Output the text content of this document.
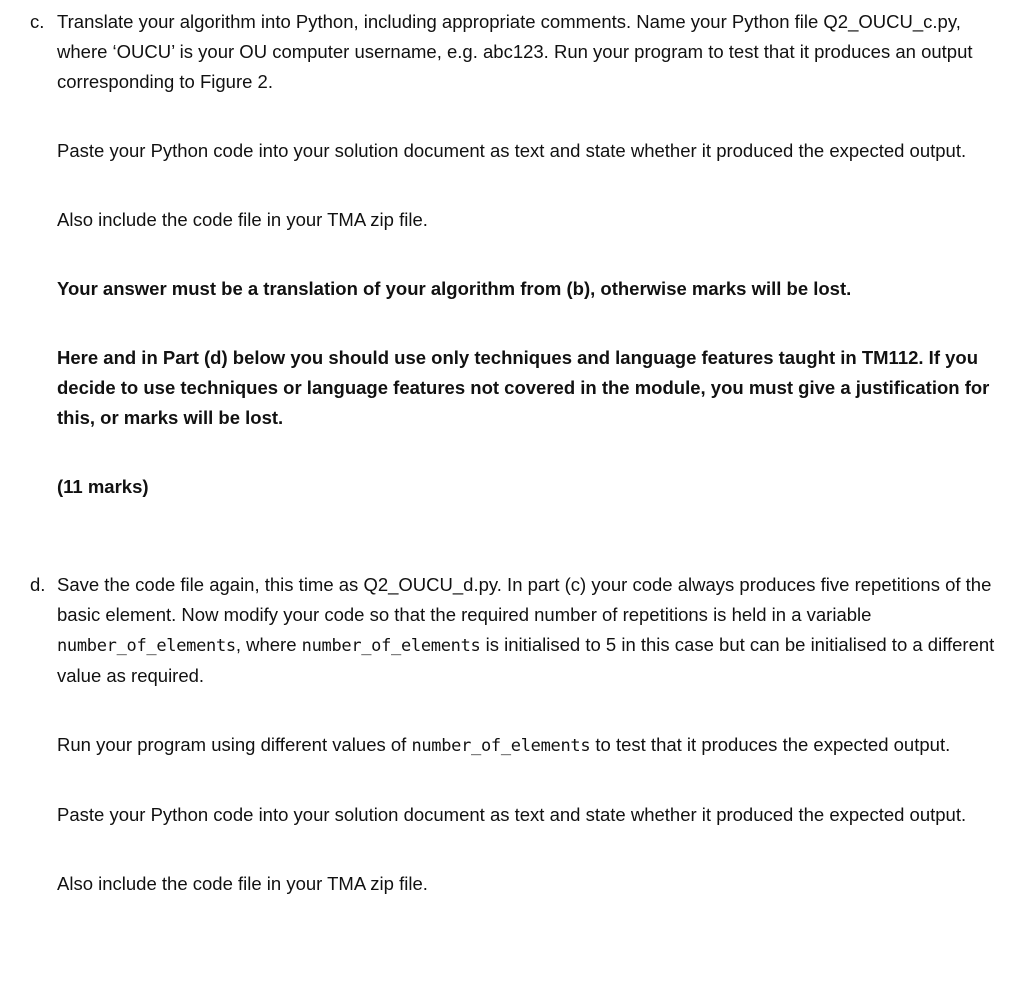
c. Translate your algorithm into Python, including appropriate comments. Name your Python file Q2_OUCU_c.py, where ‘OUCU’ is your OU computer username, e.g. abc123. Run your program to test that it produces an output corresponding to Figure 2.

Paste your Python code into your solution document as text and state whether it produced the expected output.

Also include the code file in your TMA zip file.

Your answer must be a translation of your algorithm from (b), otherwise marks will be lost.

Here and in Part (d) below you should use only techniques and language features taught in TM112. If you decide to use techniques or language features not covered in the module, you must give a justification for this, or marks will be lost.

(11 marks)

d. Save the code file again, this time as Q2_OUCU_d.py. In part (c) your code always produces five repetitions of the basic element. Now modify your code so that the required number of repetitions is held in a variable number_of_elements, where number_of_elements is initialised to 5 in this case but can be initialised to a different value as required.

Run your program using different values of number_of_elements to test that it produces the expected output.

Paste your Python code into your solution document as text and state whether it produced the expected output.

Also include the code file in your TMA zip file.
